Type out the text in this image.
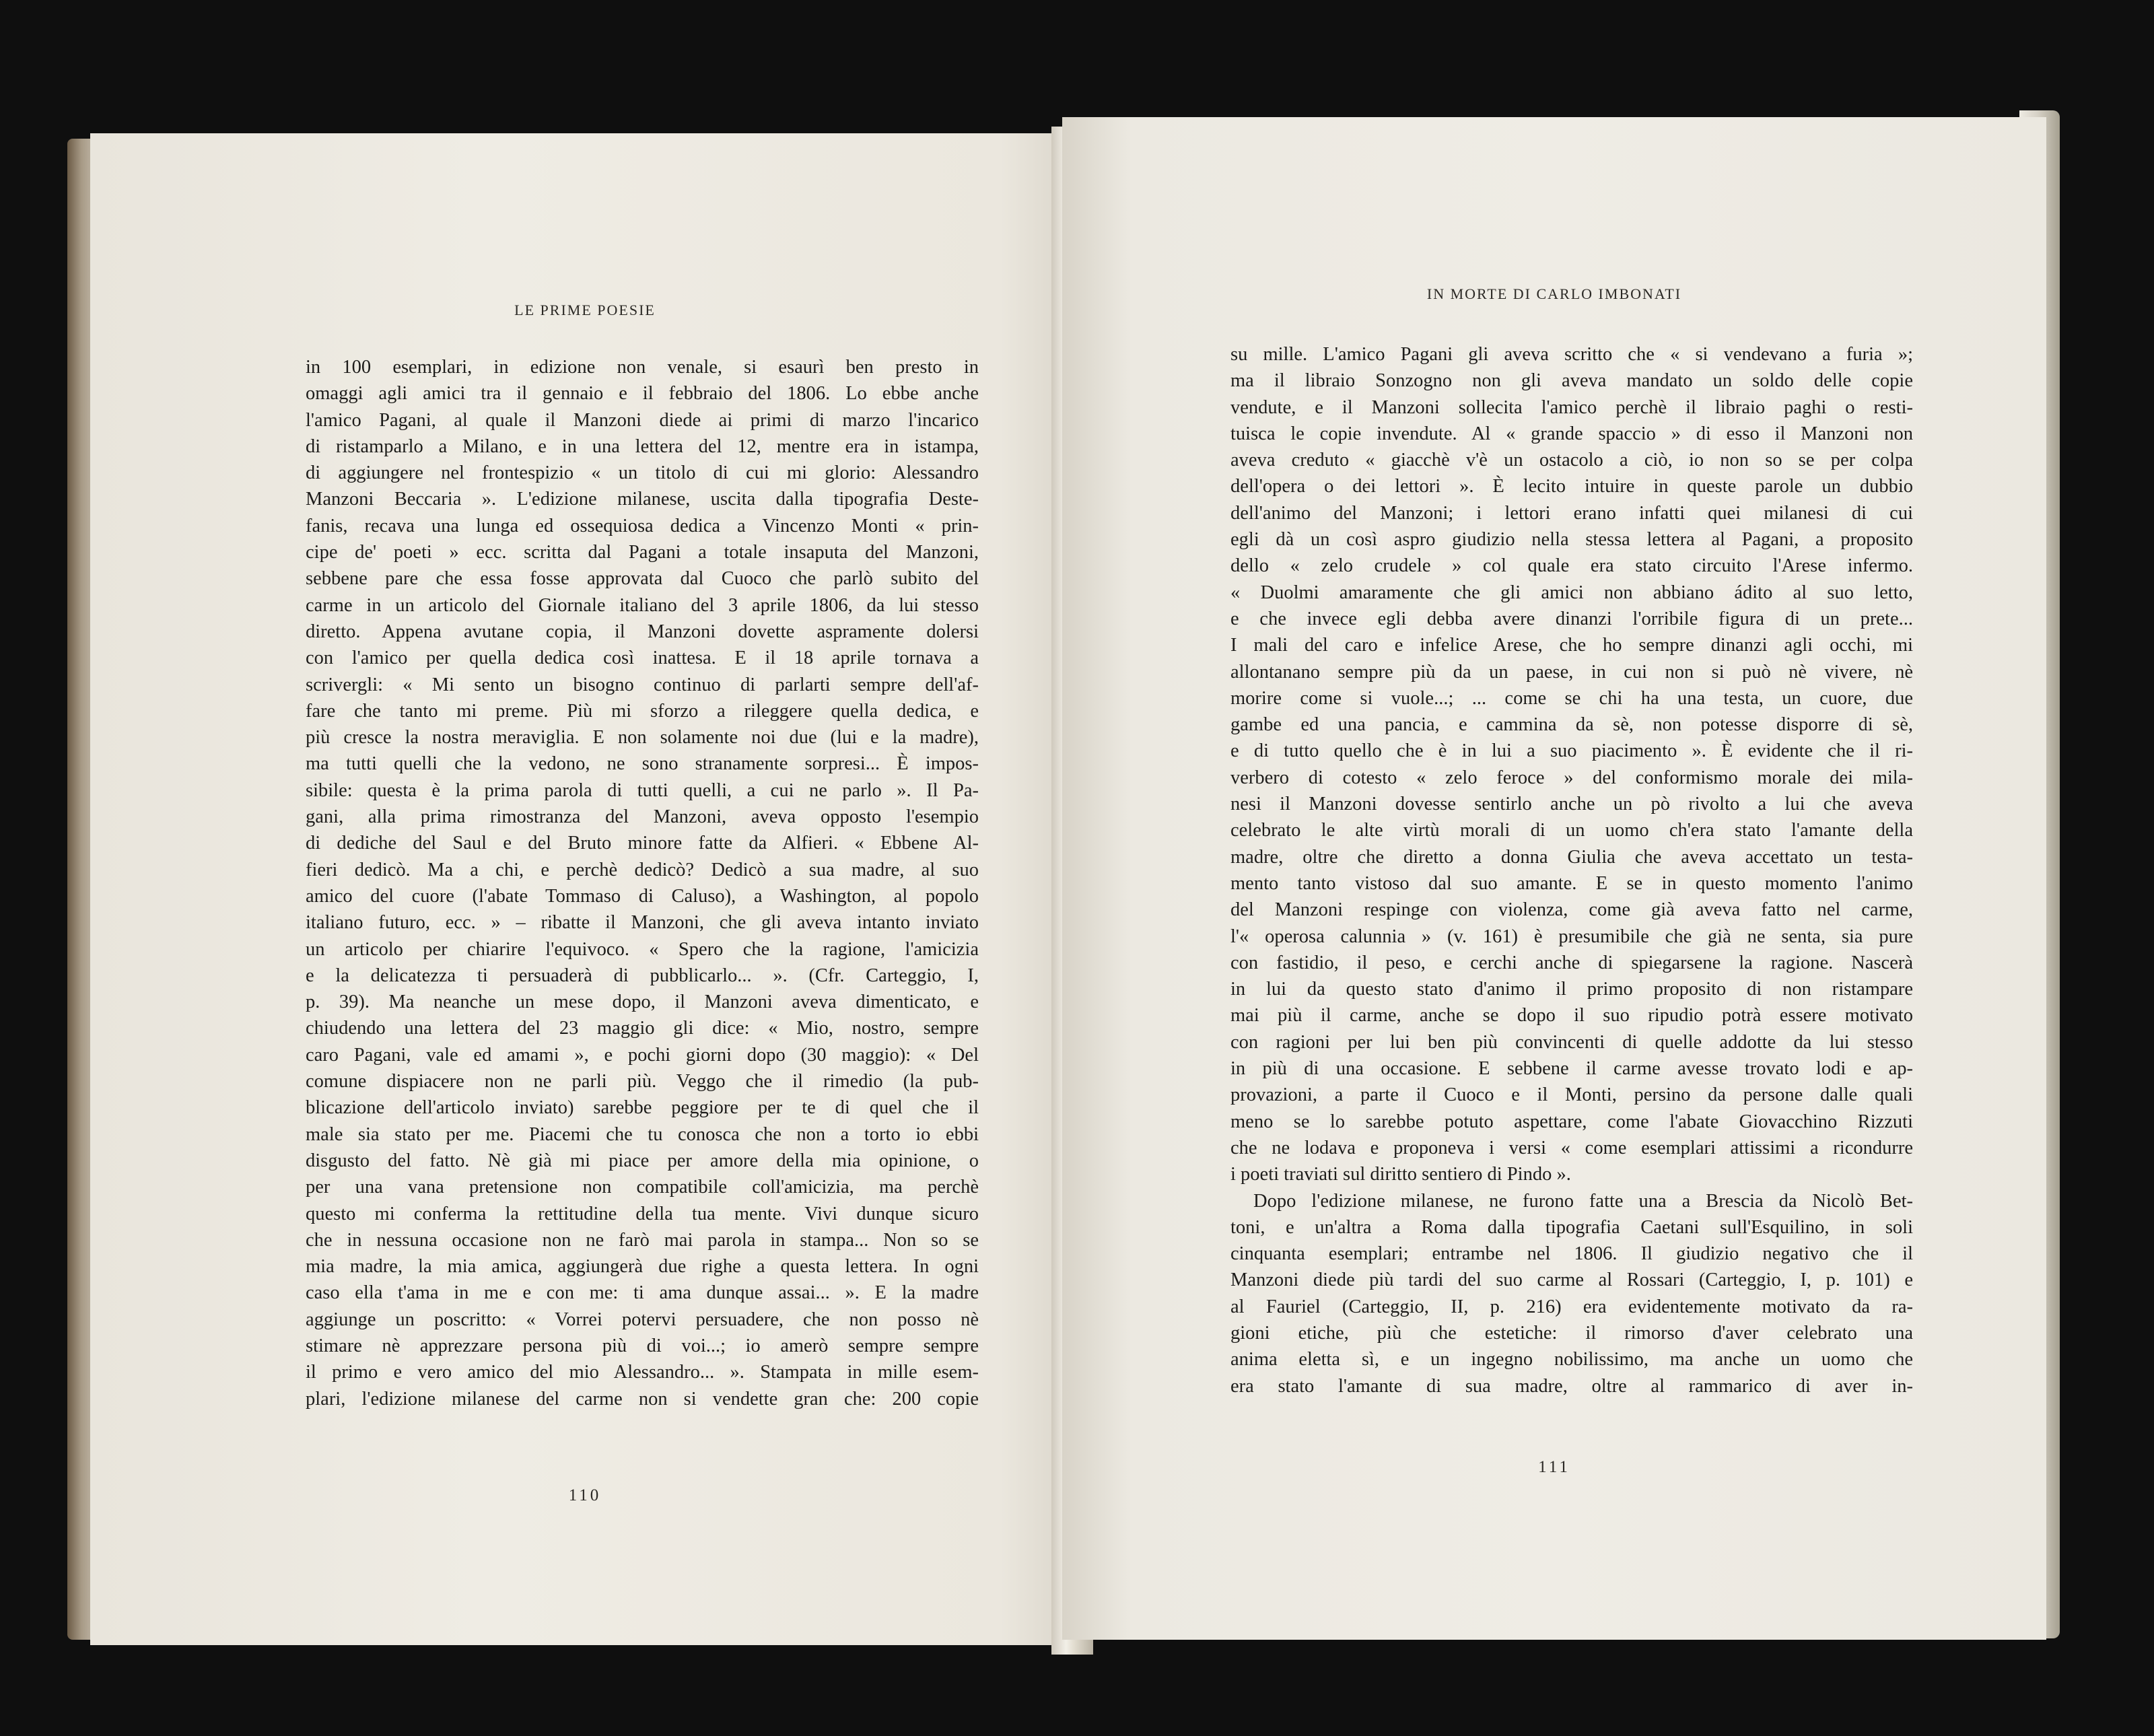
LE PRIME POESIE
in 100 esemplari, in edizione non venale, si esaurì ben presto in
omaggi agli amici tra il gennaio e il febbraio del 1806. Lo ebbe anche
l'amico Pagani, al quale il Manzoni diede ai primi di marzo l'incarico
di ristamparlo a Milano, e in una lettera del 12, mentre era in istampa,
di aggiungere nel frontespizio « un titolo di cui mi glorio: Alessandro
Manzoni Beccaria ». L'edizione milanese, uscita dalla tipografia Deste-
fanis, recava una lunga ed ossequiosa dedica a Vincenzo Monti « prin-
cipe de' poeti » ecc. scritta dal Pagani a totale insaputa del Manzoni,
sebbene pare che essa fosse approvata dal Cuoco che parlò subito del
carme in un articolo del Giornale italiano del 3 aprile 1806, da lui stesso
diretto. Appena avutane copia, il Manzoni dovette aspramente dolersi
con l'amico per quella dedica così inattesa. E il 18 aprile tornava a
scrivergli: « Mi sento un bisogno continuo di parlarti sempre dell'af-
fare che tanto mi preme. Più mi sforzo a rileggere quella dedica, e
più cresce la nostra meraviglia. E non solamente noi due (lui e la madre),
ma tutti quelli che la vedono, ne sono stranamente sorpresi... È impos-
sibile: questa è la prima parola di tutti quelli, a cui ne parlo ». Il Pa-
gani, alla prima rimostranza del Manzoni, aveva opposto l'esempio
di dediche del Saul e del Bruto minore fatte da Alfieri. « Ebbene Al-
fieri dedicò. Ma a chi, e perchè dedicò? Dedicò a sua madre, al suo
amico del cuore (l'abate Tommaso di Caluso), a Washington, al popolo
italiano futuro, ecc. » – ribatte il Manzoni, che gli aveva intanto inviato
un articolo per chiarire l'equivoco. « Spero che la ragione, l'amicizia
e la delicatezza ti persuaderà di pubblicarlo... ». (Cfr. Carteggio, I,
p. 39). Ma neanche un mese dopo, il Manzoni aveva dimenticato, e
chiudendo una lettera del 23 maggio gli dice: « Mio, nostro, sempre
caro Pagani, vale ed amami », e pochi giorni dopo (30 maggio): « Del
comune dispiacere non ne parli più. Veggo che il rimedio (la pub-
blicazione dell'articolo inviato) sarebbe peggiore per te di quel che il
male sia stato per me. Piacemi che tu conosca che non a torto io ebbi
disgusto del fatto. Nè già mi piace per amore della mia opinione, o
per una vana pretensione non compatibile coll'amicizia, ma perchè
questo mi conferma la rettitudine della tua mente. Vivi dunque sicuro
che in nessuna occasione non ne farò mai parola in stampa... Non so se
mia madre, la mia amica, aggiungerà due righe a questa lettera. In ogni
caso ella t'ama in me e con me: ti ama dunque assai... ». E la madre
aggiunge un poscritto: « Vorrei potervi persuadere, che non posso nè
stimare nè apprezzare persona più di voi...; io amerò sempre sempre
il primo e vero amico del mio Alessandro... ». Stampata in mille esem-
plari, l'edizione milanese del carme non si vendette gran che: 200 copie
110
IN MORTE DI CARLO IMBONATI
su mille. L'amico Pagani gli aveva scritto che « si vendevano a furia »;
ma il libraio Sonzogno non gli aveva mandato un soldo delle copie
vendute, e il Manzoni sollecita l'amico perchè il libraio paghi o resti-
tuisca le copie invendute. Al « grande spaccio » di esso il Manzoni non
aveva creduto « giacchè v'è un ostacolo a ciò, io non so se per colpa
dell'opera o dei lettori ». È lecito intuire in queste parole un dubbio
dell'animo del Manzoni; i lettori erano infatti quei milanesi di cui
egli dà un così aspro giudizio nella stessa lettera al Pagani, a proposito
dello « zelo crudele » col quale era stato circuito l'Arese infermo.
« Duolmi amaramente che gli amici non abbiano ádito al suo letto,
e che invece egli debba avere dinanzi l'orribile figura di un prete...
I mali del caro e infelice Arese, che ho sempre dinanzi agli occhi, mi
allontanano sempre più da un paese, in cui non si può nè vivere, nè
morire come si vuole...; ... come se chi ha una testa, un cuore, due
gambe ed una pancia, e cammina da sè, non potesse disporre di sè,
e di tutto quello che è in lui a suo piacimento ». È evidente che il ri-
verbero di cotesto « zelo feroce » del conformismo morale dei mila-
nesi il Manzoni dovesse sentirlo anche un pò rivolto a lui che aveva
celebrato le alte virtù morali di un uomo ch'era stato l'amante della
madre, oltre che diretto a donna Giulia che aveva accettato un testa-
mento tanto vistoso dal suo amante. E se in questo momento l'animo
del Manzoni respinge con violenza, come già aveva fatto nel carme,
l'« operosa calunnia » (v. 161) è presumibile che già ne senta, sia pure
con fastidio, il peso, e cerchi anche di spiegarsene la ragione. Nascerà
in lui da questo stato d'animo il primo proposito di non ristampare
mai più il carme, anche se dopo il suo ripudio potrà essere motivato
con ragioni per lui ben più convincenti di quelle addotte da lui stesso
in più di una occasione. E sebbene il carme avesse trovato lodi e ap-
provazioni, a parte il Cuoco e il Monti, persino da persone dalle quali
meno se lo sarebbe potuto aspettare, come l'abate Giovacchino Rizzuti
che ne lodava e proponeva i versi « come esemplari attissimi a ricondurre
i poeti traviati sul diritto sentiero di Pindo ».
Dopo l'edizione milanese, ne furono fatte una a Brescia da Nicolò Bet-
toni, e un'altra a Roma dalla tipografia Caetani sull'Esquilino, in soli
cinquanta esemplari; entrambe nel 1806. Il giudizio negativo che il
Manzoni diede più tardi del suo carme al Rossari (Carteggio, I, p. 101) e
al Fauriel (Carteggio, II, p. 216) era evidentemente motivato da ra-
gioni etiche, più che estetiche: il rimorso d'aver celebrato una
anima eletta sì, e un ingegno nobilissimo, ma anche un uomo che
era stato l'amante di sua madre, oltre al rammarico di aver in-
111
